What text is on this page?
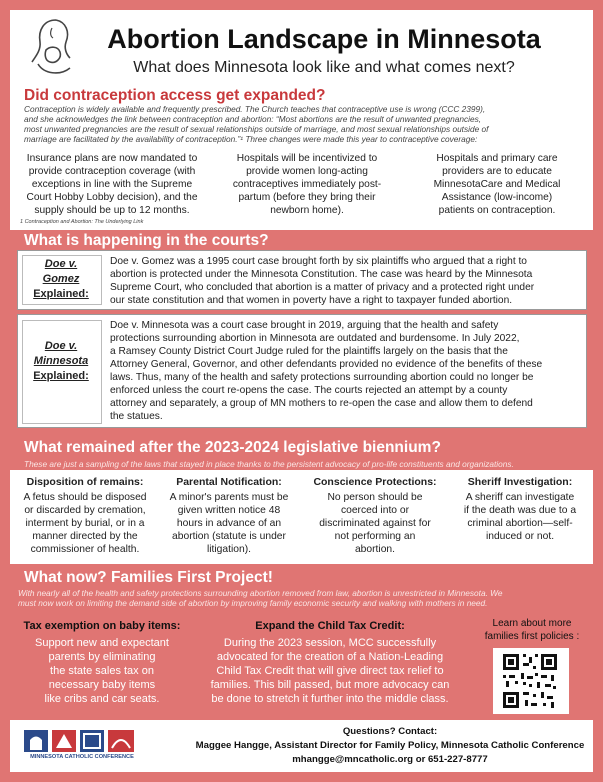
Abortion Landscape in Minnesota
What does Minnesota look like and what comes next?
Did contraception access get expanded?
Contraception is widely available and frequently prescribed. The Church teaches that contraceptive use is wrong (CCC 2399),
and she acknowledges the link between contraception and abortion: “Most abortions are the result of unwanted pregnancies,
most unwanted pregnancies are the result of sexual relationships outside of marriage, and most sexual relationships outside of
marriage are facilitated by the availability of contraception.”¹ Three changes were made this year to contraceptive coverage:
Insurance plans are now mandated to
provide contraception coverage (with
exceptions in line with the Supreme
Court Hobby Lobby decision), and the
supply should be up to 12 months.
Hospitals will be incentivized to
provide women long-acting
contraceptives immediately post-
partum (before they bring their
newborn home).
Hospitals and primary care
providers are to educate
MinnesotaCare and Medical
Assistance (low-income)
patients on contraception.
1 Contraception and Abortion: The Underlying Link
What is happening in the courts?
Doe v.
Gomez
Explained:
Doe v. Gomez was a 1995 court case brought forth by six plaintiffs who argued that a right to
abortion is protected under the Minnesota Constitution. The case was heard by the Minnesota
Supreme Court, who concluded that abortion is a matter of privacy and a protected right under
our state constitution and that women in poverty have a right to taxpayer funded abortion.
Doe v.
Minnesota
Explained:
Doe v. Minnesota was a court case brought in 2019, arguing that the health and safety
protections surrounding abortion in Minnesota are outdated and burdensome. In July 2022,
a Ramsey County District Court Judge ruled for the plaintiffs largely on the basis that the
Attorney General, Governor, and other defendants provided no evidence of the benefits of these
laws. Thus, many of the health and safety protections surrounding abortion could no longer be
enforced unless the court re-opens the case. The courts rejected an attempt by a county
attorney and separately, a group of MN mothers to re-open the case and allow them to defend
the statues.
What remained after the 2023-2024 legislative biennium?
These are just a sampling of the laws that stayed in place thanks to the persistent advocacy of pro-life constituents and organizations.
Disposition of remains:
A fetus should be disposed
or discarded by cremation,
interment by burial, or in a
manner directed by the
commissioner of health.
Parental Notification:
A minor's parents must be
given written notice 48
hours in advance of an
abortion (statute is under
litigation).
Conscience Protections:
No person should be
coerced into or
discriminated against for
not performing an
abortion.
Sheriff Investigation:
A sheriff can investigate
if the death was due to a
criminal abortion—self-
induced or not.
What now? Families First Project!
With nearly all of the health and safety protections surrounding abortion removed from law, abortion is unrestricted in Minnesota. We
must now work on limiting the demand side of abortion by improving family economic security and walking with mothers in need.
Tax exemption on baby items:
Support new and expectant
parents by eliminating
the state sales tax on
necessary baby items
like cribs and car seats.
Expand the Child Tax Credit:
During the 2023 session, MCC successfully
advocated for the creation of a Nation-Leading
Child Tax Credit that will give direct tax relief to
families. This bill passed, but more advocacy can
be done to stretch it further into the middle class.
Learn about more
families first policies :
MINNESOTA CATHOLIC CONFERENCE
Questions? Contact:
Maggee Hangge, Assistant Director for Family Policy, Minnesota Catholic Conference
mhangge@mncatholic.org or 651-227-8777
